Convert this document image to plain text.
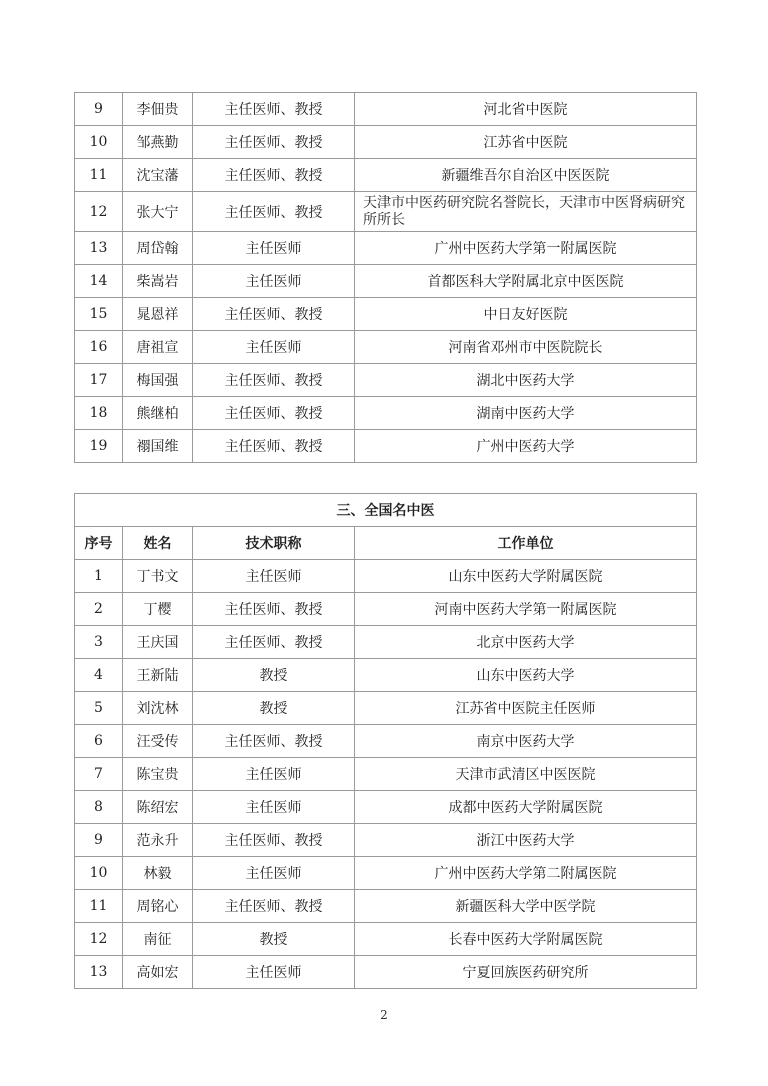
9	李佃贵	主任医师、教授	河北省中医院
10	邹燕勤	主任医师、教授	江苏省中医院
11	沈宝藩	主任医师、教授	新疆维吾尔自治区中医医院
12	张大宁	主任医师、教授	天津市中医药研究院名誉院长，天津市中医肾病研究所所长
13	周岱翰	主任医师	广州中医药大学第一附属医院
14	柴嵩岩	主任医师	首都医科大学附属北京中医医院
15	晁恩祥	主任医师、教授	中日友好医院
16	唐祖宣	主任医师	河南省邓州市中医院院长
17	梅国强	主任医师、教授	湖北中医药大学
18	熊继柏	主任医师、教授	湖南中医药大学
19	禤国维	主任医师、教授	广州中医药大学
三、全国名中医			
序号	姓名	技术职称	工作单位
1	丁书文	主任医师	山东中医药大学附属医院
2	丁樱	主任医师、教授	河南中医药大学第一附属医院
3	王庆国	主任医师、教授	北京中医药大学
4	王新陆	教授	山东中医药大学
5	刘沈林	教授	江苏省中医院主任医师
6	汪受传	主任医师、教授	南京中医药大学
7	陈宝贵	主任医师	天津市武清区中医医院
8	陈绍宏	主任医师	成都中医药大学附属医院
9	范永升	主任医师、教授	浙江中医药大学
10	林毅	主任医师	广州中医药大学第二附属医院
11	周铭心	主任医师、教授	新疆医科大学中医学院
12	南征	教授	长春中医药大学附属医院
13	高如宏	主任医师	宁夏回族医药研究所
2
